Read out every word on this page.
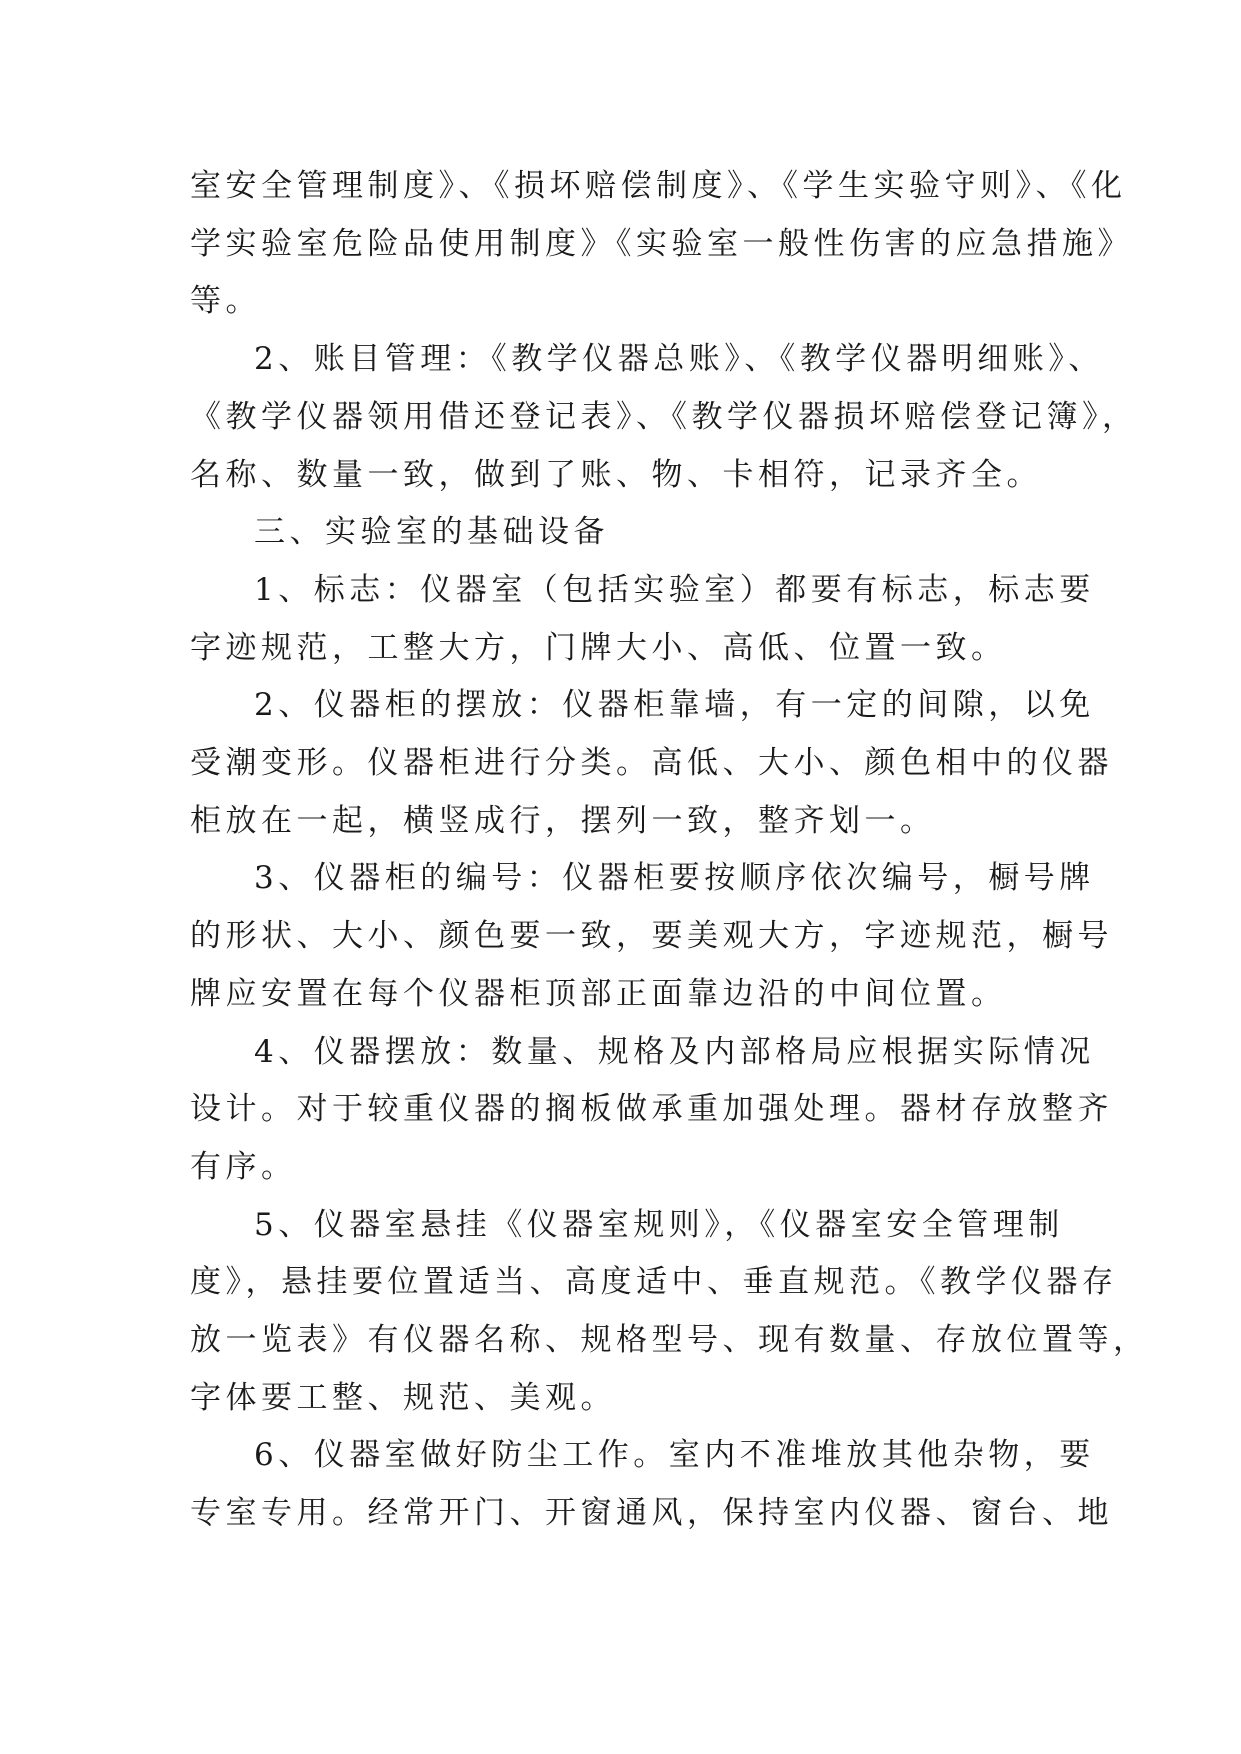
室安全管理制度》、《损坏赔偿制度》、《学生实验守则》、《化
学实验室危险品使用制度》《实验室一般性伤害的应急措施》
等。
2、账目管理：《教学仪器总账》、《教学仪器明细账》、
《教学仪器领用借还登记表》、《教学仪器损坏赔偿登记簿》，
名称、数量一致，做到了账、物、卡相符，记录齐全。
三、实验室的基础设备
1、标志：仪器室（包括实验室）都要有标志，标志要
字迹规范，工整大方，门牌大小、高低、位置一致。
2、仪器柜的摆放：仪器柜靠墙，有一定的间隙，以免
受潮变形。仪器柜进行分类。高低、大小、颜色相中的仪器
柜放在一起，横竖成行，摆列一致，整齐划一。
3、仪器柜的编号：仪器柜要按顺序依次编号，橱号牌
的形状、大小、颜色要一致，要美观大方，字迹规范，橱号
牌应安置在每个仪器柜顶部正面靠边沿的中间位置。
4、仪器摆放：数量、规格及内部格局应根据实际情况
设计。对于较重仪器的搁板做承重加强处理。器材存放整齐
有序。
5、仪器室悬挂《仪器室规则》，《仪器室安全管理制
度》，悬挂要位置适当、高度适中、垂直规范。《教学仪器存
放一览表》有仪器名称、规格型号、现有数量、存放位置等，
字体要工整、规范、美观。
6、仪器室做好防尘工作。室内不准堆放其他杂物，要
专室专用。经常开门、开窗通风，保持室内仪器、窗台、地
